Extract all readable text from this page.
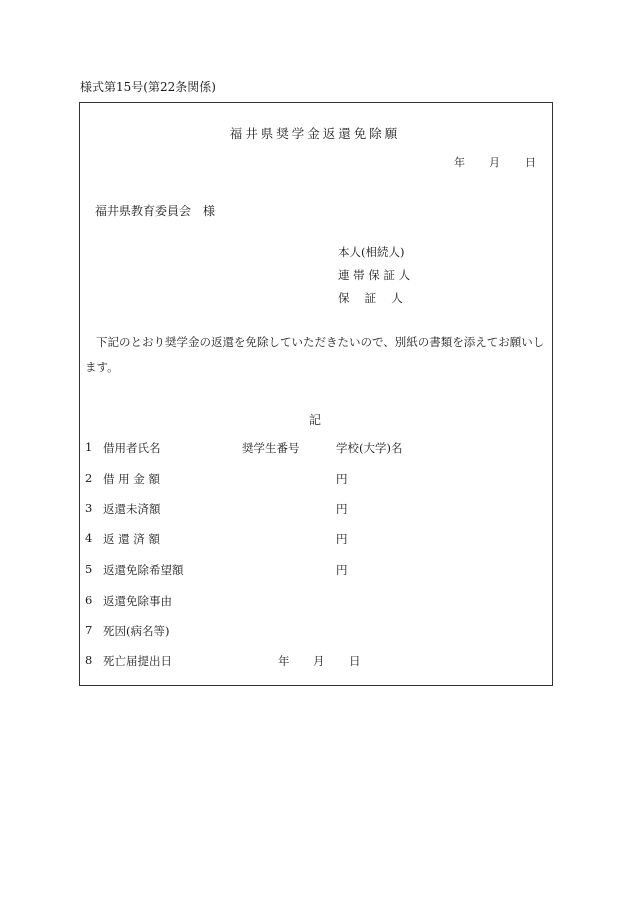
様式第15号(第22条関係)
福井県奨学金返還免除願
年 月 日
福井県教育委員会　様
本人(相続人)
連 帯 保 証 人
保　 証　 人

下記のとおり奨学金の返還を免除していただきたいので、別紙の書類を添えてお願いします。

記
1 借用者氏名	奨学生番号	学校(大学)名
2 借 用 金 額	円
3 返還未済額	円
4 返 還 済 額	円
5 返還免除希望額	円
6 返還免除事由
7 死因(病名等)
8 死亡届提出日	年 月 日
